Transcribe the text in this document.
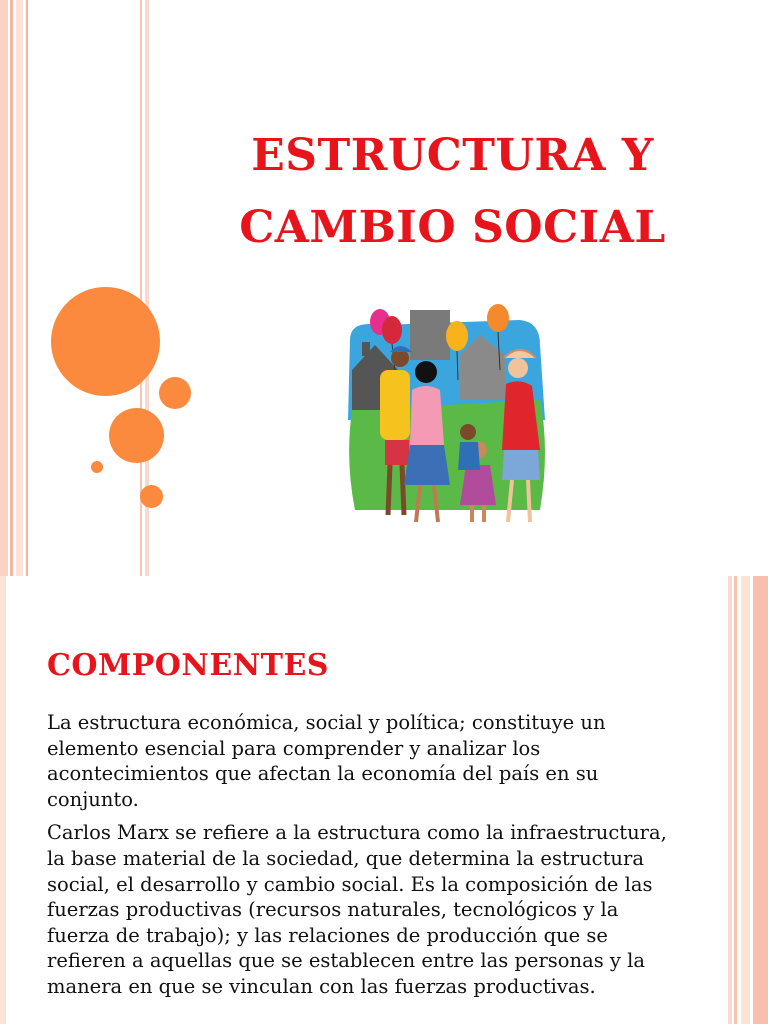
ESTRUCTURA Y
CAMBIO SOCIAL
COMPONENTES

La estructura económica, social y política; constituye un elemento esencial para comprender y analizar los acontecimientos que afectan la economía del país en su conjunto.

Carlos Marx se refiere a la estructura como la infraestructura, la base material de la sociedad, que determina la estructura social, el desarrollo y cambio social. Es la composición de las fuerzas productivas (recursos naturales, tecnológicos y la fuerza de trabajo); y las relaciones de producción que se refieren a aquellas que se establecen entre las personas y la manera en que se vinculan con las fuerzas productivas.
